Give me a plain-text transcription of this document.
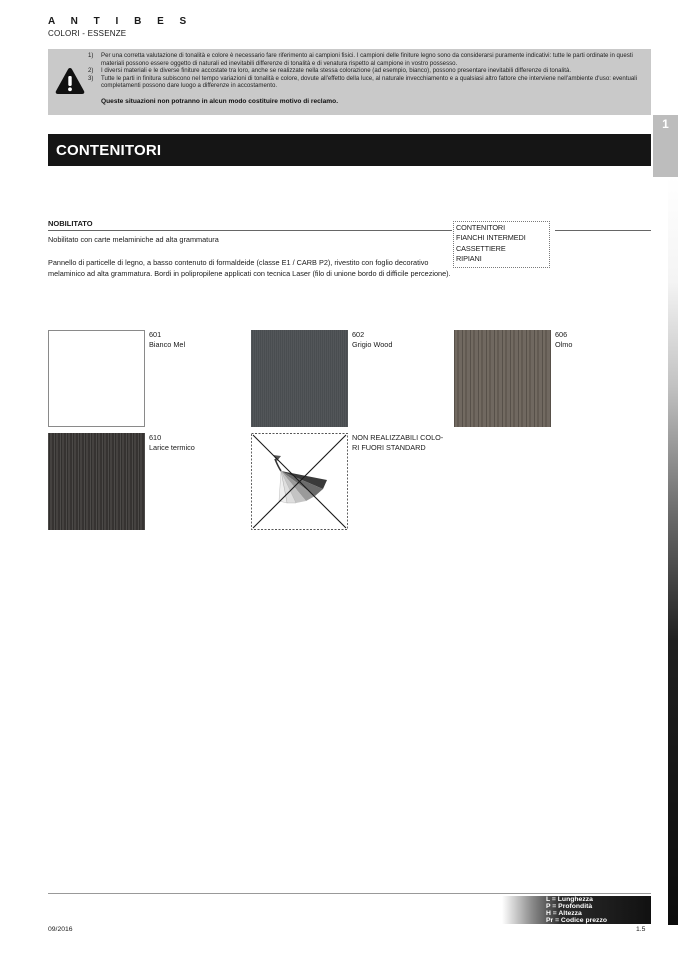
A N T I B E S
COLORI - ESSENZE
1)	Per una corretta valutazione di tonalità e colore è necessario fare riferimento ai campioni fisici. I campioni delle finiture legno sono da considerarsi puramente indicativi: tutte le parti ordinate in questi materiali possono essere oggetto di naturali ed inevitabili differenze di tonalità e di venatura rispetto al campione in vostro possesso.
2)	I diversi materiali e le diverse finiture accostate tra loro, anche se realizzate nella stessa colorazione (ad esempio, bianco), possono presentare inevitabili differenze di tonalità.
3)	Tutte le parti in finitura subiscono nel tempo variazioni di tonalità e colore, dovute all'effetto della luce, al naturale invecchiamento e a qualsiasi altro fattore che interviene nell'ambiente d'uso: eventuali completamenti possono dare luogo a differenze in accostamento.
Queste situazioni non potranno in alcun modo costituire motivo di reclamo.
1
CONTENITORI
NOBILITATO
Nobilitato con carte melaminiche ad alta grammatura
Pannello di particelle di legno, a basso contenuto di formaldeide (classe E1 / CARB P2), rivestito con foglio decorativo melaminico ad alta grammatura. Bordi in polipropilene applicati con tecnica Laser (filo di unione bordo di difficile percezione).
CONTENITORI
FIANCHI INTERMEDI
CASSETTIERE
RIPIANI
601
Bianco Mel
602
Grigio Wood
606
Olmo
610
Larice termico
NON REALIZZABILI COLO-
RI FUORI STANDARD
L = Lunghezza
P = Profondità
H = Altezza
Pr = Codice prezzo
09/2016	1.5
